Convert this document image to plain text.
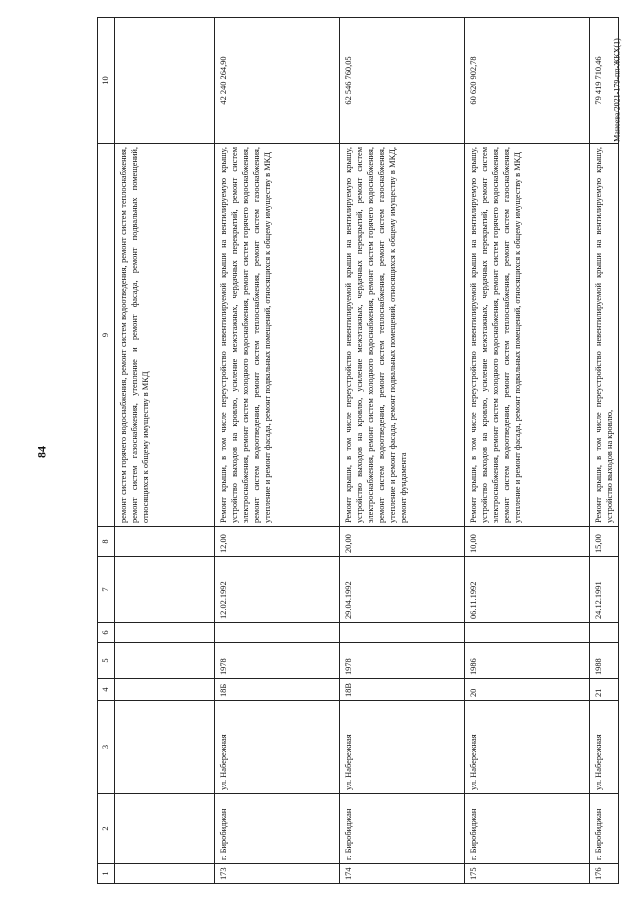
84
Манеева/2021-179-пп-ЖКХ(1)
1	2	3	4	5	6	7	8	9	10
								ремонт систем горячего водоснабжения, ремонт систем водоотведения, ремонт систем теплоснабжения, ремонт систем газоснабжения, утепление и ремонт фасада, ремонт подвальных помещений, относящихся к общему имуществу в МКД	
173	г. Биробиджан	ул. Набережная	18Б	1978		12.02.1992	12,00	Ремонт крыши, в том числе переустройство невентилируемой крыши на вентилируемую крышу, устройство выходов на кровлю, усиление межэтажных, чердачных перекрытий, ремонт систем электроснабжения, ремонт систем холодного водоснабжения, ремонт систем горячего водоснабжения, ремонт систем водоотведения, ремонт систем теплоснабжения, ремонт систем газоснабжения, утепление и ремонт фасада, ремонт подвальных помещений, относящихся к общему имуществу в МКД	42 240 264,90
174	г. Биробиджан	ул. Набережная	18В	1978		29.04.1992	20,00	Ремонт крыши, в том числе переустройство невентилируемой крыши на вентилируемую крышу, устройство выходов на кровлю, усиление межэтажных, чердачных перекрытий, ремонт систем электроснабжения, ремонт систем холодного водоснабжения, ремонт систем горячего водоснабжения, ремонт систем водоотведения, ремонт систем теплоснабжения, ремонт систем газоснабжения, утепление и ремонт фасада, ремонт подвальных помещений, относящихся к общему имуществу в МКД, ремонт фундамента	62 546 760,05
175	г. Биробиджан	ул. Набережная	20	1986		06.11.1992	10,00	Ремонт крыши, в том числе переустройство невентилируемой крыши на вентилируемую крышу, устройство выходов на кровлю, усиление межэтажных, чердачных перекрытий, ремонт систем электроснабжения, ремонт систем холодного водоснабжения, ремонт систем горячего водоснабжения, ремонт систем водоотведения, ремонт систем теплоснабжения, ремонт систем газоснабжения, утепление и ремонт фасада, ремонт подвальных помещений, относящихся к общему имуществу в МКД	60 620 902,78
176	г. Биробиджан	ул. Набережная	21	1988		24.12.1991	15,00	Ремонт крыши, в том числе переустройство невентилируемой крыши на вентилируемую крышу, устройство выходов на кровлю,	79 419 710,46
